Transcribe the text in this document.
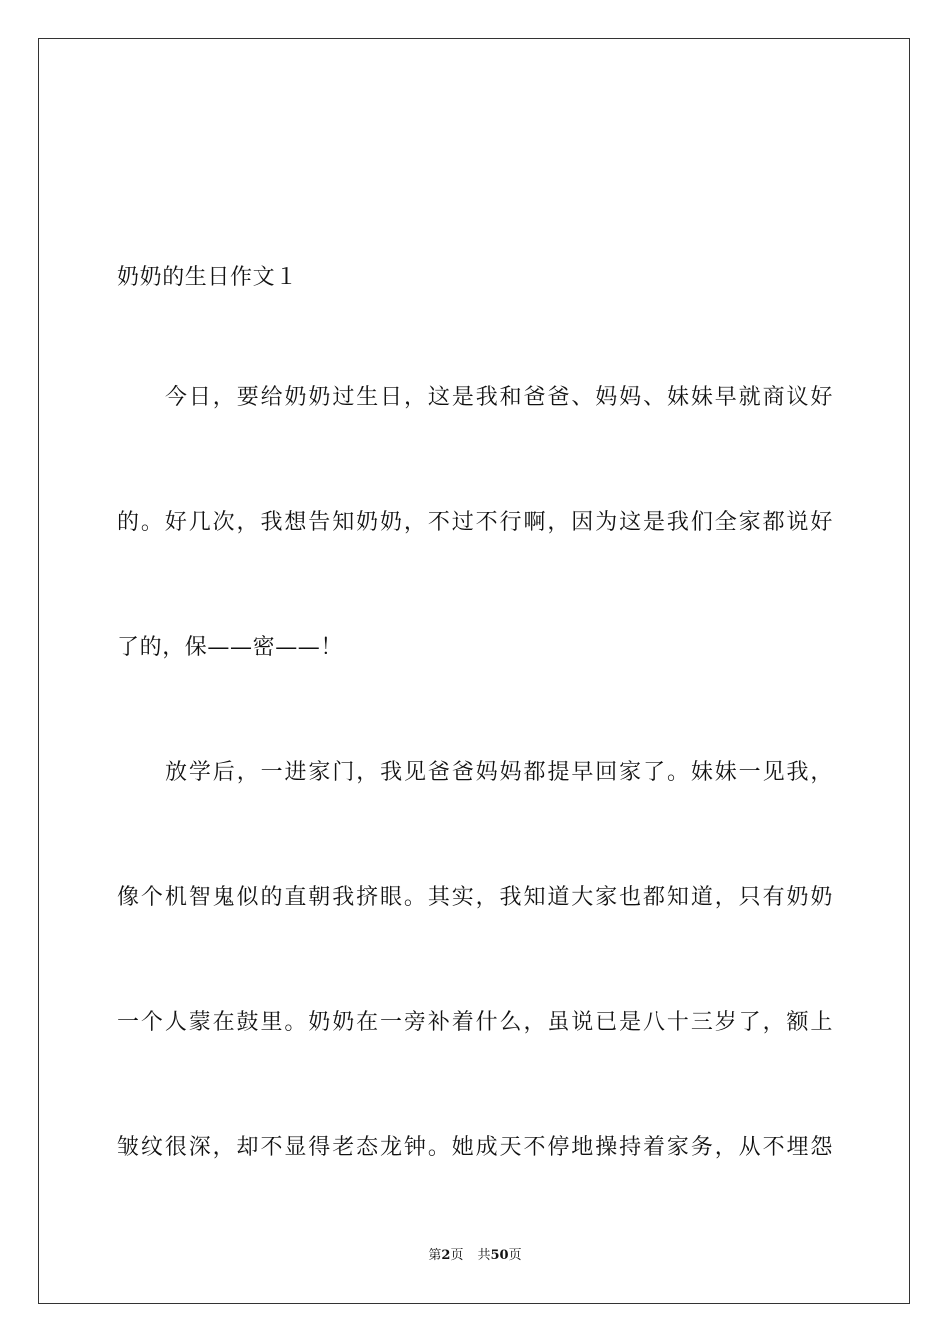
奶奶的生日作文１
今日，要给奶奶过生日，这是我和爸爸、妈妈、妹妹早就商议好
的。好几次，我想告知奶奶，不过不行啊，因为这是我们全家都说好
了的，保——密——！
放学后，一进家门，我见爸爸妈妈都提早回家了。妹妹一见我，
像个机智鬼似的直朝我挤眼。其实，我知道大家也都知道，只有奶奶
一个人蒙在鼓里。奶奶在一旁补着什么，虽说已是八十三岁了，额上
皱纹很深，却不显得老态龙钟。她成天不停地操持着家务，从不埋怨
第2页 共50页
